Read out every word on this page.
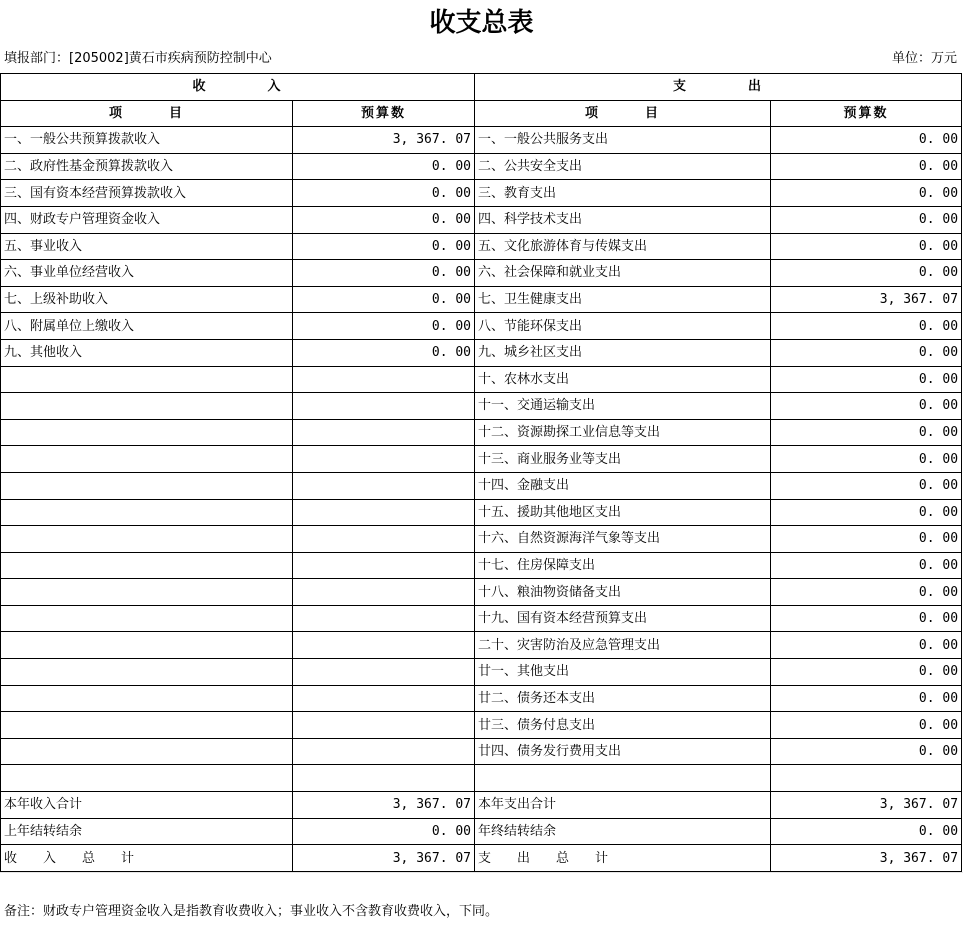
收支总表
填报部门：[205002]黄石市疾病预防控制中心	单位：万元
收　　　　入		支　　　　出	
项　　　目	预算数	项　　　目	预算数
一、一般公共预算拨款收入	3, 367. 07	一、一般公共服务支出	0. 00
二、政府性基金预算拨款收入	0. 00	二、公共安全支出	0. 00
三、国有资本经营预算拨款收入	0. 00	三、教育支出	0. 00
四、财政专户管理资金收入	0. 00	四、科学技术支出	0. 00
五、事业收入	0. 00	五、文化旅游体育与传媒支出	0. 00
六、事业单位经营收入	0. 00	六、社会保障和就业支出	0. 00
七、上级补助收入	0. 00	七、卫生健康支出	3, 367. 07
八、附属单位上缴收入	0. 00	八、节能环保支出	0. 00
九、其他收入	0. 00	九、城乡社区支出	0. 00
		十、农林水支出	0. 00
		十一、交通运输支出	0. 00
		十二、资源勘探工业信息等支出	0. 00
		十三、商业服务业等支出	0. 00
		十四、金融支出	0. 00
		十五、援助其他地区支出	0. 00
		十六、自然资源海洋气象等支出	0. 00
		十七、住房保障支出	0. 00
		十八、粮油物资储备支出	0. 00
		十九、国有资本经营预算支出	0. 00
		二十、灾害防治及应急管理支出	0. 00
		廿一、其他支出	0. 00
		廿二、债务还本支出	0. 00
		廿三、债务付息支出	0. 00
		廿四、债务发行费用支出	0. 00

本年收入合计	3, 367. 07	本年支出合计	3, 367. 07
上年结转结余	0. 00	年终结转结余	0. 00
收　　入　　总　　计	3, 367. 07	支　　出　　总　　计	3, 367. 07
备注：财政专户管理资金收入是指教育收费收入；事业收入不含教育收费收入，下同。
